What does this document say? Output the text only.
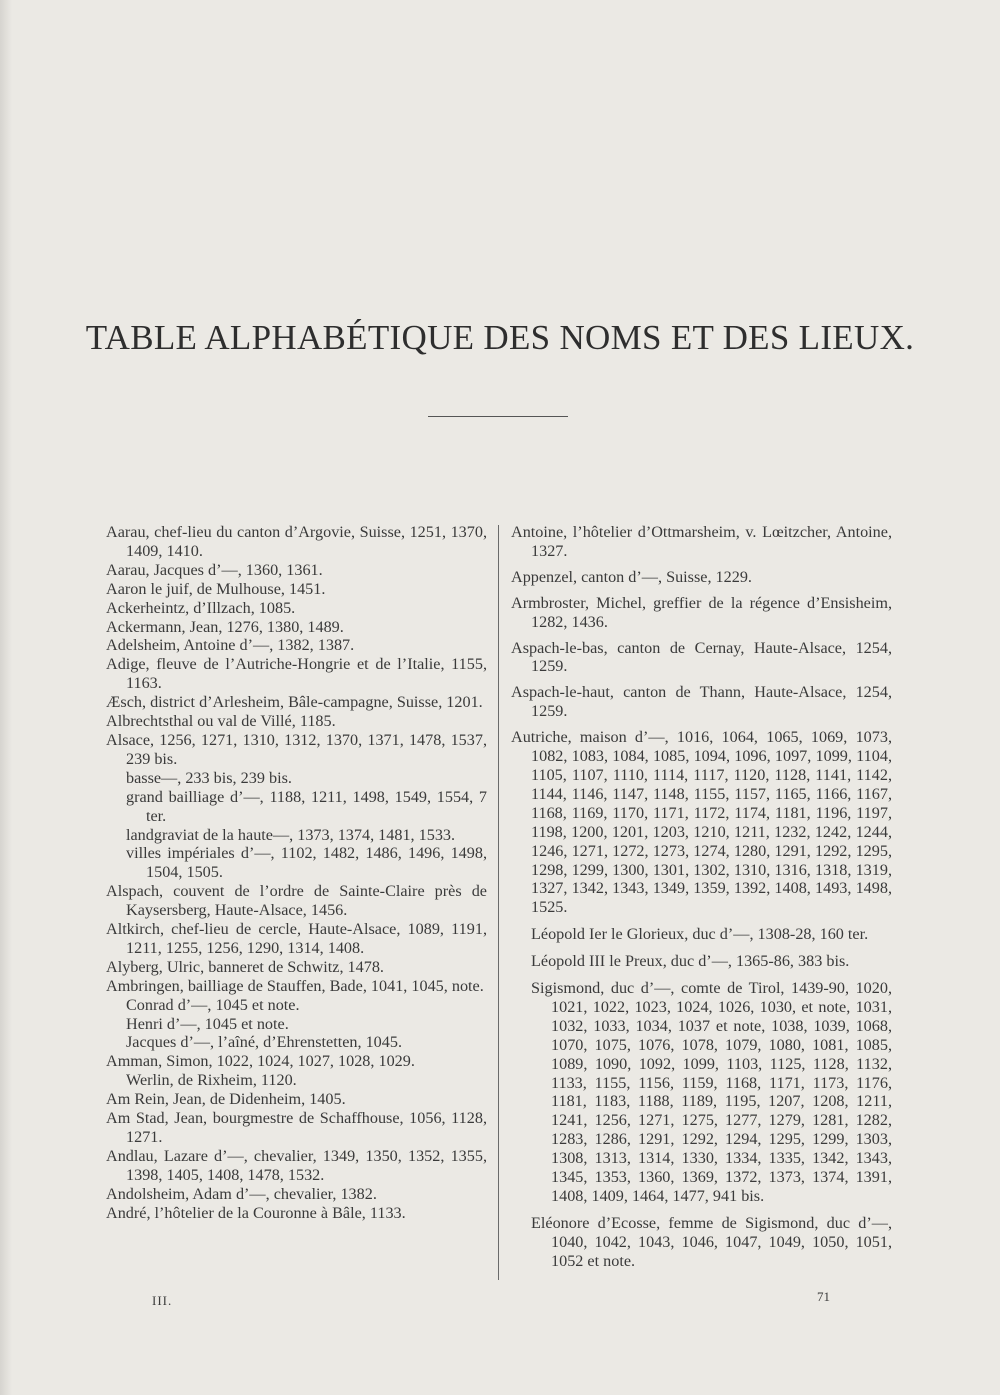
TABLE ALPHABÉTIQUE DES NOMS ET DES LIEUX.
Aarau, chef-lieu du canton d’Argovie, Suisse, 1251, 1370, 1409, 1410.
Aarau, Jacques d’—, 1360, 1361.
Aaron le juif, de Mulhouse, 1451.
Ackerheintz, d’Illzach, 1085.
Ackermann, Jean, 1276, 1380, 1489.
Adelsheim, Antoine d’—, 1382, 1387.
Adige, fleuve de l’Autriche-Hongrie et de l’Italie, 1155, 1163.
Æsch, district d’Arlesheim, Bâle-campagne, Suisse, 1201.
Albrechtsthal ou val de Villé, 1185.
Alsace, 1256, 1271, 1310, 1312, 1370, 1371, 1478, 1537, 239 bis.
basse—, 233 bis, 239 bis.
grand bailliage d’—, 1188, 1211, 1498, 1549, 1554, 7 ter.
landgraviat de la haute—, 1373, 1374, 1481, 1533.
villes impériales d’—, 1102, 1482, 1486, 1496, 1498, 1504, 1505.
Alspach, couvent de l’ordre de Sainte-Claire près de Kaysersberg, Haute-Alsace, 1456.
Altkirch, chef-lieu de cercle, Haute-Alsace, 1089, 1191, 1211, 1255, 1256, 1290, 1314, 1408.
Alyberg, Ulric, banneret de Schwitz, 1478.
Ambringen, bailliage de Stauffen, Bade, 1041, 1045, note.
Conrad d’—, 1045 et note.
Henri d’—, 1045 et note.
Jacques d’—, l’aîné, d’Ehrenstetten, 1045.
Amman, Simon, 1022, 1024, 1027, 1028, 1029.
Werlin, de Rixheim, 1120.
Am Rein, Jean, de Didenheim, 1405.
Am Stad, Jean, bourgmestre de Schaffhouse, 1056, 1128, 1271.
Andlau, Lazare d’—, chevalier, 1349, 1350, 1352, 1355, 1398, 1405, 1408, 1478, 1532.
Andolsheim, Adam d’—, chevalier, 1382.
André, l’hôtelier de la Couronne à Bâle, 1133.
Antoine, l’hôtelier d’Ottmarsheim, v. Lœitzcher, Antoine, 1327.
Appenzel, canton d’—, Suisse, 1229.
Armbroster, Michel, greffier de la régence d’Ensisheim, 1282, 1436.
Aspach-le-bas, canton de Cernay, Haute-Alsace, 1254, 1259.
Aspach-le-haut, canton de Thann, Haute-Alsace, 1254, 1259.
Autriche, maison d’—, 1016, 1064, 1065, 1069, 1073, 1082, 1083, 1084, 1085, 1094, 1096, 1097, 1099, 1104, 1105, 1107, 1110, 1114, 1117, 1120, 1128, 1141, 1142, 1144, 1146, 1147, 1148, 1155, 1157, 1165, 1166, 1167, 1168, 1169, 1170, 1171, 1172, 1174, 1181, 1196, 1197, 1198, 1200, 1201, 1203, 1210, 1211, 1232, 1242, 1244, 1246, 1271, 1272, 1273, 1274, 1280, 1291, 1292, 1295, 1298, 1299, 1300, 1301, 1302, 1310, 1316, 1318, 1319, 1327, 1342, 1343, 1349, 1359, 1392, 1408, 1493, 1498, 1525.
Léopold Ier le Glorieux, duc d’—, 1308-28, 160 ter.
Léopold III le Preux, duc d’—, 1365-86, 383 bis.
Sigismond, duc d’—, comte de Tirol, 1439-90, 1020, 1021, 1022, 1023, 1024, 1026, 1030, et note, 1031, 1032, 1033, 1034, 1037 et note, 1038, 1039, 1068, 1070, 1075, 1076, 1078, 1079, 1080, 1081, 1085, 1089, 1090, 1092, 1099, 1103, 1125, 1128, 1132, 1133, 1155, 1156, 1159, 1168, 1171, 1173, 1176, 1181, 1183, 1188, 1189, 1195, 1207, 1208, 1211, 1241, 1256, 1271, 1275, 1277, 1279, 1281, 1282, 1283, 1286, 1291, 1292, 1294, 1295, 1299, 1303, 1308, 1313, 1314, 1330, 1334, 1335, 1342, 1343, 1345, 1353, 1360, 1369, 1372, 1373, 1374, 1391, 1408, 1409, 1464, 1477, 941 bis.
Eléonore d’Ecosse, femme de Sigismond, duc d’—, 1040, 1042, 1043, 1046, 1047, 1049, 1050, 1051, 1052 et note.
III.	71
